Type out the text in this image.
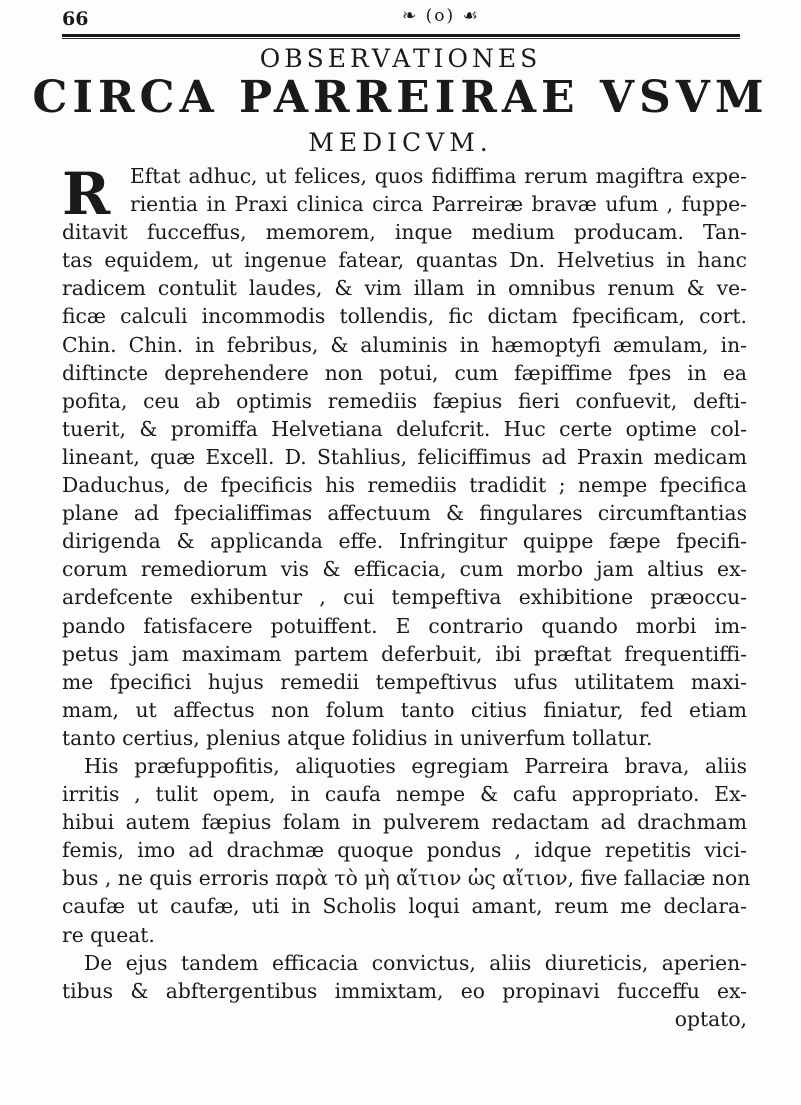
66	❧ (o) ☙
OBSERVATIONES
CIRCA PARREIRAE VSVM
MEDICVM.
R Eftat adhuc, ut felices, quos fidiffima rerum magiftra expe-
rientia in Praxi clinica circa Parreiræ bravæ ufum , fuppe-
ditavit fucceffus, memorem, inque medium producam. Tan-
tas equidem, ut ingenue fatear, quantas Dn. Helvetius in hanc
radicem contulit laudes, & vim illam in omnibus renum & ve-
ficæ calculi incommodis tollendis, fic dictam fpecificam, cort.
Chin. Chin. in febribus, & aluminis in hæmoptyfi æmulam, in-
diftincte deprehendere non potui, cum fæpiffime fpes in ea
pofita, ceu ab optimis remediis fæpius fieri confuevit, defti-
tuerit, & promiffa Helvetiana delufcrit. Huc certe optime col-
lineant, quæ Excell. D. Stahlius, feliciffimus ad Praxin medicam
Daduchus, de fpecificis his remediis tradidit ; nempe fpecifica
plane ad fpecialiffimas affectuum & fingulares circumftantias
dirigenda & applicanda effe. Infringitur quippe fæpe fpecifi-
corum remediorum vis & efficacia, cum morbo jam altius ex-
ardefcente exhibentur , cui tempeftiva exhibitione præoccu-
pando fatisfacere potuiffent. E contrario quando morbi im-
petus jam maximam partem deferbuit, ibi præftat frequentiffi-
me fpecifici hujus remedii tempeftivus ufus utilitatem maxi-
mam, ut affectus non folum tanto citius finiatur, fed etiam
tanto certius, plenius atque folidius in univerfum tollatur.
His præfuppofitis, aliquoties egregiam Parreira brava, aliis
irritis , tulit opem, in caufa nempe & cafu appropriato. Ex-
hibui autem fæpius folam in pulverem redactam ad drachmam
femis, imo ad drachmæ quoque pondus , idque repetitis vici-
bus , ne quis erroris παρὰ τὸ μὴ αἴτιον ὡς αἴτιον, five fallaciæ non
caufæ ut caufæ, uti in Scholis loqui amant, reum me declara-
re queat.
De ejus tandem efficacia convictus, aliis diureticis, aperien-
tibus & abftergentibus immixtam, eo propinavi fucceffu ex-
optato,
